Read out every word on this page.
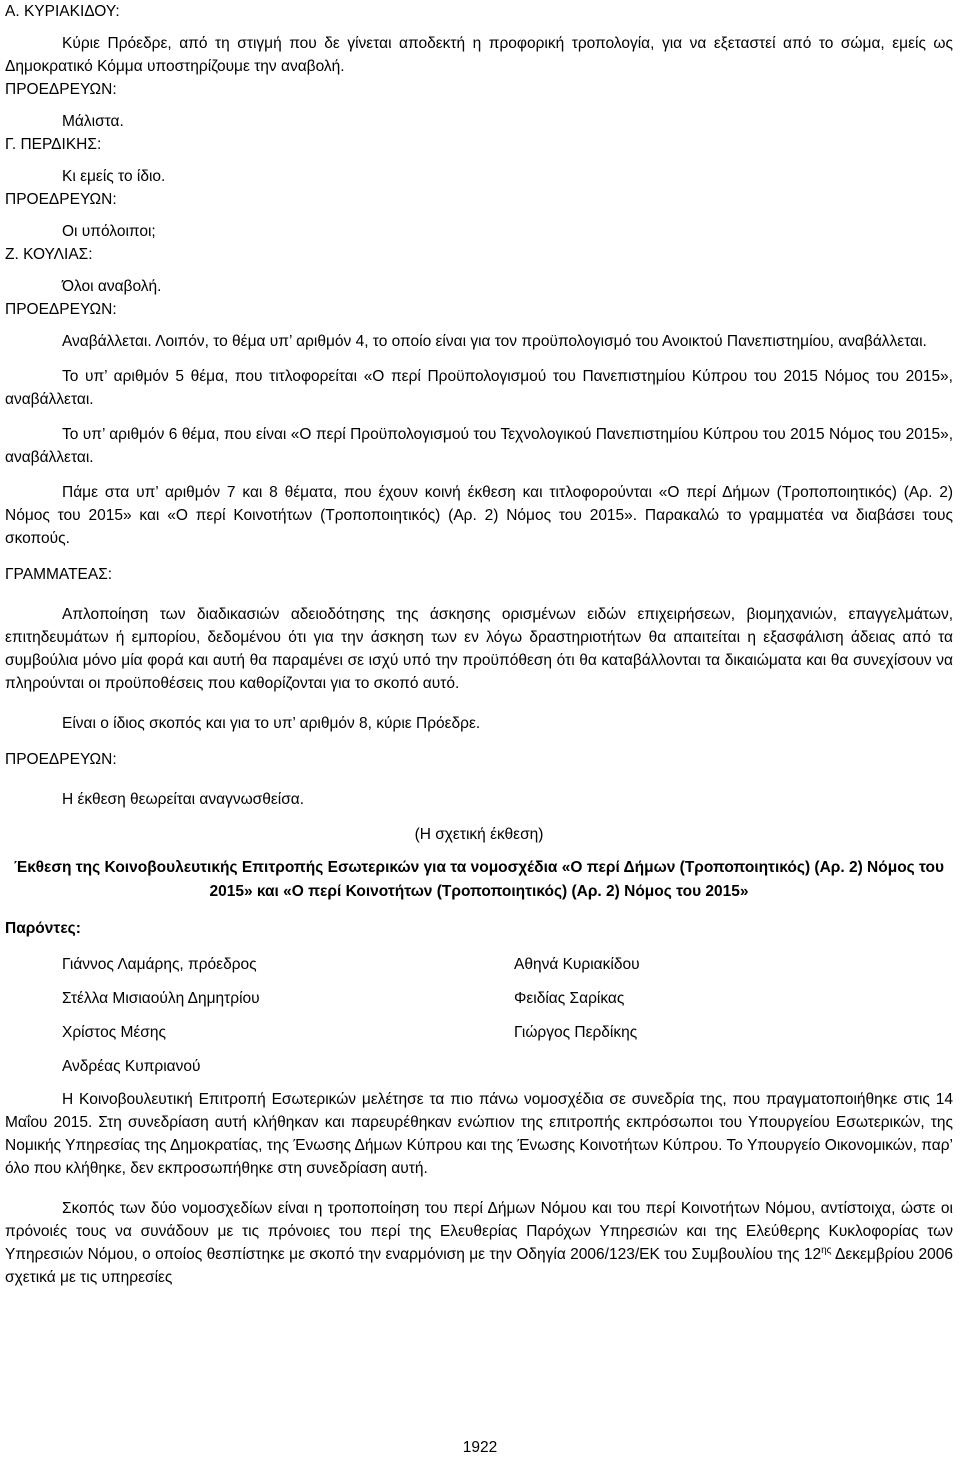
Α. ΚΥΡΙΑΚΙΔΟΥ:

Κύριε Πρόεδρε, από τη στιγμή που δε γίνεται αποδεκτή η προφορική τροπολογία, για να εξεταστεί από το σώμα, εμείς ως Δημοκρατικό Κόμμα υποστηρίζουμε την αναβολή.

ΠΡΟΕΔΡΕΥΩΝ:

Μάλιστα.

Γ. ΠΕΡΔΙΚΗΣ:

Κι εμείς το ίδιο.

ΠΡΟΕΔΡΕΥΩΝ:

Οι υπόλοιποι;

Ζ. ΚΟΥΛΙΑΣ:

Όλοι αναβολή.

ΠΡΟΕΔΡΕΥΩΝ:

Αναβάλλεται. Λοιπόν, το θέμα υπ’ αριθμόν 4, το οποίο είναι για τον προϋπολογισμό του Ανοικτού Πανεπιστημίου, αναβάλλεται.

Το υπ’ αριθμόν 5 θέμα, που τιτλοφορείται «Ο περί Προϋπολογισμού του Πανεπιστημίου Κύπρου του 2015 Νόμος του 2015», αναβάλλεται.

Το υπ’ αριθμόν 6 θέμα, που είναι «Ο περί Προϋπολογισμού του Τεχνολογικού Πανεπιστημίου Κύπρου του 2015 Νόμος του 2015», αναβάλλεται.

Πάμε στα υπ’ αριθμόν 7 και 8 θέματα, που έχουν κοινή έκθεση και τιτλοφορούνται «Ο περί Δήμων (Τροποποιητικός) (Αρ. 2) Νόμος του 2015» και «Ο περί Κοινοτήτων (Τροποποιητικός) (Αρ. 2) Νόμος του 2015». Παρακαλώ το γραμματέα να διαβάσει τους σκοπούς.

ΓΡΑΜΜΑΤΕΑΣ:

Απλοποίηση των διαδικασιών αδειοδότησης της άσκησης ορισμένων ειδών επιχειρήσεων, βιομηχανιών, επαγγελμάτων, επιτηδευμάτων ή εμπορίου, δεδομένου ότι για την άσκηση των εν λόγω δραστηριοτήτων θα απαιτείται η εξασφάλιση άδειας από τα συμβούλια μόνο μία φορά και αυτή θα παραμένει σε ισχύ υπό την προϋπόθεση ότι θα καταβάλλονται τα δικαιώματα και θα συνεχίσουν να πληρούνται οι προϋποθέσεις που καθορίζονται για το σκοπό αυτό.

Είναι ο ίδιος σκοπός και για το υπ’ αριθμόν 8, κύριε Πρόεδρε.

ΠΡΟΕΔΡΕΥΩΝ:

Η έκθεση θεωρείται αναγνωσθείσα.

(Η σχετική έκθεση)

Έκθεση της Κοινοβουλευτικής Επιτροπής Εσωτερικών για τα νομοσχέδια «Ο περί Δήμων (Τροποποιητικός) (Αρ. 2) Νόμος του 2015» και «Ο περί Κοινοτήτων (Τροποποιητικός) (Αρ. 2) Νόμος του 2015»

Παρόντες:

Γιάννος Λαμάρης, πρόεδρος	Αθηνά Κυριακίδου
Στέλλα Μισιαούλη Δημητρίου	Φειδίας Σαρίκας
Χρίστος Μέσης	Γιώργος Περδίκης
Ανδρέας Κυπριανού

Η Κοινοβουλευτική Επιτροπή Εσωτερικών μελέτησε τα πιο πάνω νομοσχέδια σε συνεδρία της, που πραγματοποιήθηκε στις 14 Μαΐου 2015. Στη συνεδρίαση αυτή κλήθηκαν και παρευρέθηκαν ενώπιον της επιτροπής εκπρόσωποι του Υπουργείου Εσωτερικών, της Νομικής Υπηρεσίας της Δημοκρατίας, της Ένωσης Δήμων Κύπρου και της Ένωσης Κοινοτήτων Κύπρου. Το Υπουργείο Οικονομικών, παρ’ όλο που κλήθηκε, δεν εκπροσωπήθηκε στη συνεδρίαση αυτή.

Σκοπός των δύο νομοσχεδίων είναι η τροποποίηση του περί Δήμων Νόμου και του περί Κοινοτήτων Νόμου, αντίστοιχα, ώστε οι πρόνοιές τους να συνάδουν με τις πρόνοιες του περί της Ελευθερίας Παρόχων Υπηρεσιών και της Ελεύθερης Κυκλοφορίας των Υπηρεσιών Νόμου, ο οποίος θεσπίστηκε με σκοπό την εναρμόνιση με την Οδηγία 2006/123/ΕΚ του Συμβουλίου της $12^{\eta\varsigma}$ Δεκεμβρίου 2006 σχετικά με τις υπηρεσίες

1922
